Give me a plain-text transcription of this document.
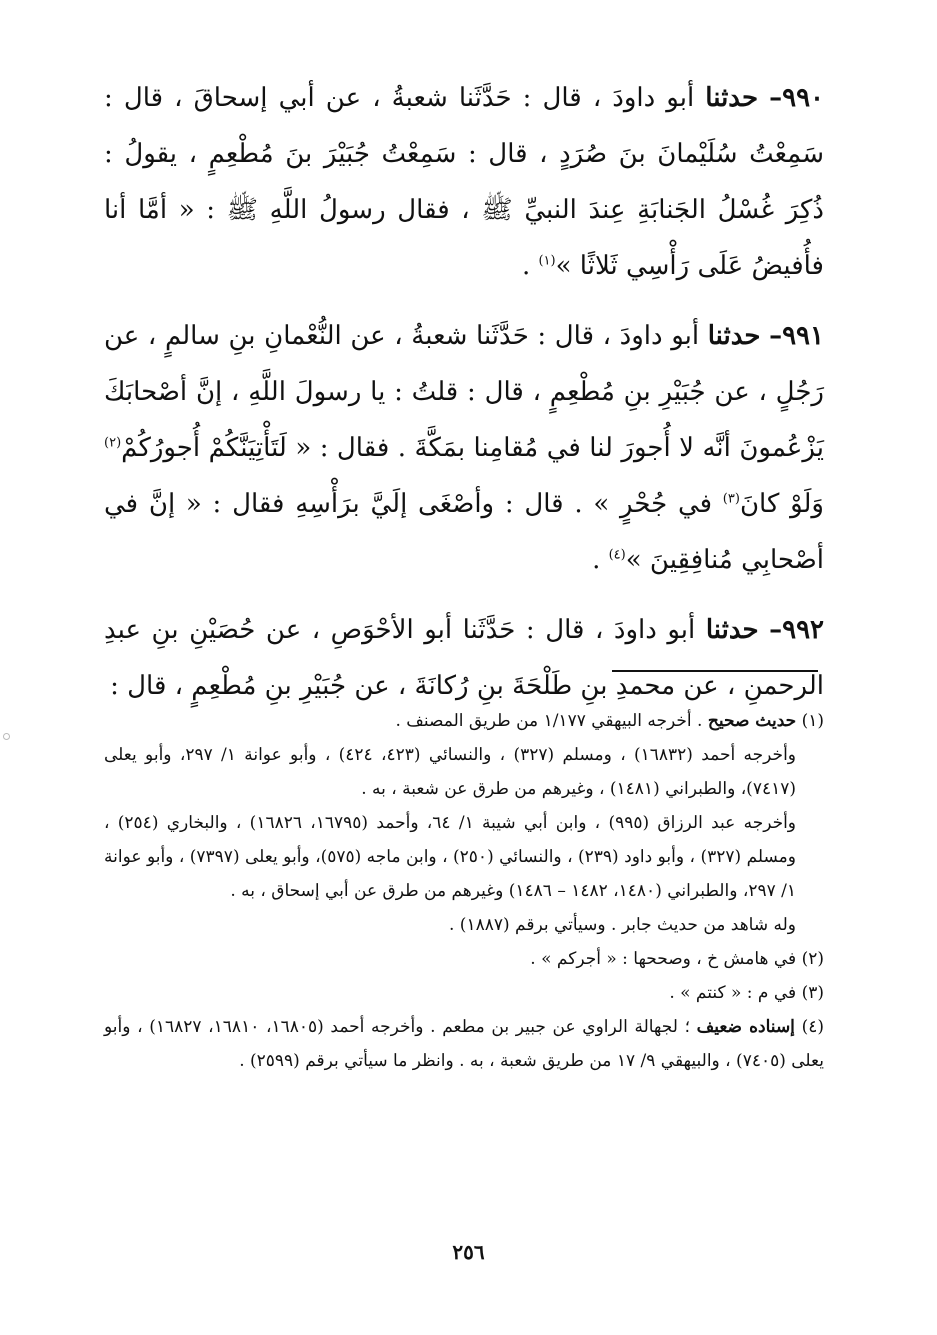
٩٩٠– حدثنا أبو داودَ ، قال : حَدَّثَنا شعبةُ ، عن أبي إسحاقَ ، قال : سَمِعْتُ سُلَيْمانَ بنَ صُرَدٍ ، قال : سَمِعْتُ جُبَيْرَ بنَ مُطْعِمٍ ، يقولُ : ذُكِرَ غُسْلُ الجَنابَةِ عِندَ النبيِّ ﷺ ، فقال رسولُ اللَّهِ ﷺ : « أمَّا أنا فأُفيضُ عَلَى رَأْسِي ثَلاثًا »$^{(١)}$ .

٩٩١– حدثنا أبو داودَ ، قال : حَدَّثَنا شعبةُ ، عن النُّعْمانِ بنِ سالمٍ ، عن رَجُلٍ ، عن جُبَيْرِ بنِ مُطْعِمٍ ، قال : قلتُ : يا رسولَ اللَّهِ ، إنَّ أصْحابَكَ يَزْعُمونَ أنَّه لا أُجورَ لنا في مُقامِنا بمَكَّةَ . فقال : « لَتَأْتِيَنَّكُمْ أُجورُكُمْ$^{(٢)}$ وَلَوْ كانَ$^{(٣)}$ في جُحْرٍ » . قال : وأصْغَى إلَيَّ برَأْسِهِ فقال : « إنَّ في أصْحابِي مُنافِقِينَ »$^{(٤)}$ .

٩٩٢– حدثنا أبو داودَ ، قال : حَدَّثَنا أبو الأحْوَصِ ، عن حُصَيْنِ بنِ عبدِ الرحمنِ ، عن محمدِ بنِ طَلْحَةَ بنِ رُكانَةَ ، عن جُبَيْرِ بنِ مُطْعِمٍ ، قال :

(١) حديث صحيح . أخرجه البيهقي ١/١٧٧ من طريق المصنف .

وأخرجه أحمد (١٦٨٣٢) ، ومسلم (٣٢٧) ، والنسائي (٤٢٣، ٤٢٤) ، وأبو عوانة ١/ ٢٩٧، وأبو يعلى (٧٤١٧)، والطبراني (١٤٨١) ، وغيرهم من طرق عن شعبة ، به .

وأخرجه عبد الرزاق (٩٩٥) ، وابن أبي شيبة ١/ ٦٤، وأحمد (١٦٧٩٥، ١٦٨٢٦) ، والبخاري (٢٥٤) ، ومسلم (٣٢٧) ، وأبو داود (٢٣٩) ، والنسائي (٢٥٠) ، وابن ماجه (٥٧٥)، وأبو يعلى (٧٣٩٧) ، وأبو عوانة ١/ ٢٩٧، والطبراني (١٤٨٠، ١٤٨٢ – ١٤٨٦) وغيرهم من طرق عن أبي إسحاق ، به .

وله شاهد من حديث جابر . وسيأتي برقم (١٨٨٧) .

(٢) في هامش خ ، وصححها : « أجركم » .

(٣) في م : « كنتم » .

(٤) إسناده ضعيف ؛ لجهالة الراوي عن جبير بن مطعم . وأخرجه أحمد (١٦٨٠٥، ١٦٨١٠، ١٦٨٢٧) ، وأبو يعلى (٧٤٠٥) ، والبيهقي ٩/ ١٧ من طريق شعبة ، به . وانظر ما سيأتي برقم (٢٥٩٩) .

٢٥٦
